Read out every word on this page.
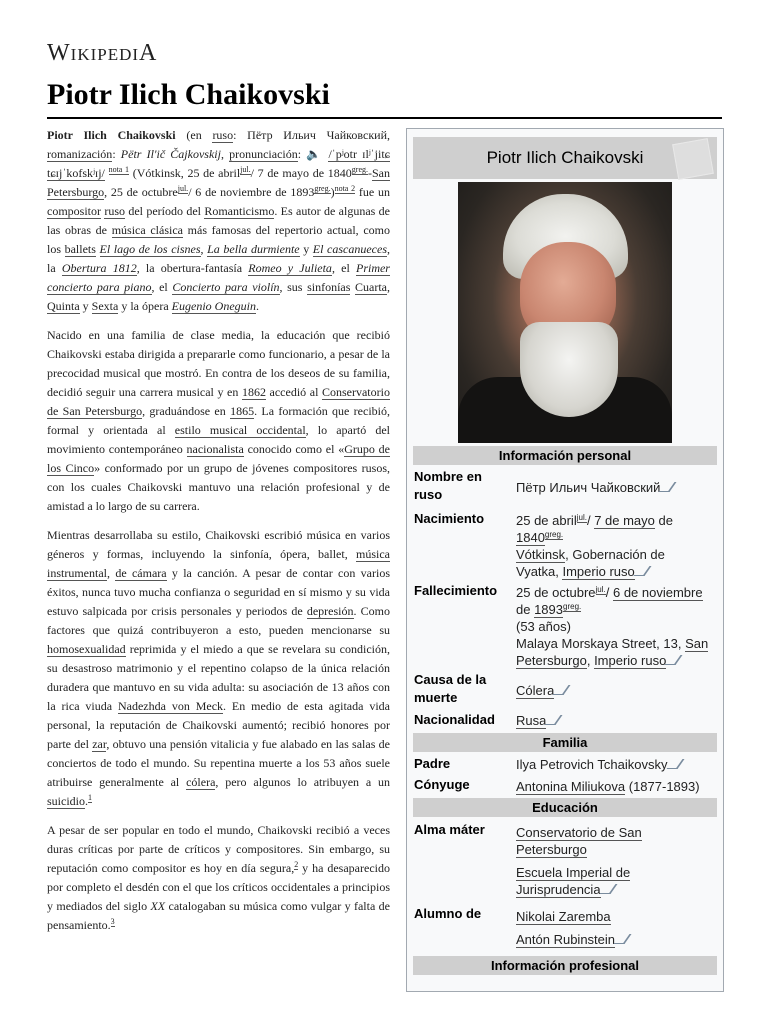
WIKIPEDIA
Piotr Ilich Chaikovski

Piotr Ilich Chaikovski (en ruso: Пётр Ильич Чайковский, romanización: Pëtr Il'ič Čajkovskij, pronunciación: 🔈 /ˈpʲotr ɪlʲˈjitɕ tɕɪjˈkofskʲɪj/ $^{nota 1}$ (Vótkinsk, 25 de abril$^{jul.}$/ 7 de mayo de $1840^{greg.}$-San Petersburgo, 25 de octubre$^{jul.}$/ 6 de noviembre de $1893^{greg.})^{nota 2}$ fue un compositor ruso del período del Romanticismo. Es autor de algunas de las obras de música clásica más famosas del repertorio actual, como los ballets El lago de los cisnes, La bella durmiente y El cascanueces, la Obertura 1812, la obertura-fantasía Romeo y Julieta, el Primer concierto para piano, el Concierto para violín, sus sinfonías Cuarta, Quinta y Sexta y la ópera Eugenio Oneguin.

Nacido en una familia de clase media, la educación que recibió Chaikovski estaba dirigida a prepararle como funcionario, a pesar de la precocidad musical que mostró. En contra de los deseos de su familia, decidió seguir una carrera musical y en 1862 accedió al Conservatorio de San Petersburgo, graduándose en 1865. La formación que recibió, formal y orientada al estilo musical occidental, lo apartó del movimiento contemporáneo nacionalista conocido como el «Grupo de los Cinco» conformado por un grupo de jóvenes compositores rusos, con los cuales Chaikovski mantuvo una relación profesional y de amistad a lo largo de su carrera.

Mientras desarrollaba su estilo, Chaikovski escribió música en varios géneros y formas, incluyendo la sinfonía, ópera, ballet, música instrumental, de cámara y la canción. A pesar de contar con varios éxitos, nunca tuvo mucha confianza o seguridad en sí mismo y su vida estuvo salpicada por crisis personales y periodos de depresión. Como factores que quizá contribuyeron a esto, pueden mencionarse su homosexualidad reprimida y el miedo a que se revelara su condición, su desastroso matrimonio y el repentino colapso de la única relación duradera que mantuvo en su vida adulta: su asociación de 13 años con la rica viuda Nadezhda von Meck. En medio de esta agitada vida personal, la reputación de Chaikovski aumentó; recibió honores por parte del zar, obtuvo una pensión vitalicia y fue alabado en las salas de conciertos de todo el mundo. Su repentina muerte a los 53 años suele atribuirse generalmente al cólera, pero algunos lo atribuyen a un suicidio.$^1$

A pesar de ser popular en todo el mundo, Chaikovski recibió a veces duras críticas por parte de críticos y compositores. Sin embargo, su reputación como compositor es hoy en día segura,$^2$ y ha desaparecido por completo el desdén con el que los críticos occidentales a principios y mediados del siglo XX catalogaban su música como vulgar y falta de pensamiento.$^3$

Piotr Ilich Chaikovski
Información personal
Nombre en ruso	Пётр Ильич Чайковский
Nacimiento 25 de abril$^{jul.}$/ 7 de mayo de $1840^{greg.}$
Vótkinsk, Gobernación de Vyatka, Imperio ruso
Fallecimiento 25 de octubre$^{jul.}$/ 6 de noviembre de $1893^{greg.}$
(53 años)
Malaya Morskaya Street, 13, San Petersburgo, Imperio ruso
Causa de la muerte	Cólera
Nacionalidad Rusa
Familia
Padre	Ilya Petrovich Tchaikovsky
Cónyuge	Antonina Miliukova (1877-1893)
Educación
Alma máter Conservatorio de San Petersburgo
Escuela Imperial de Jurisprudencia
Alumno de	Nikolai Zaremba
Antón Rubinstein
Información profesional
